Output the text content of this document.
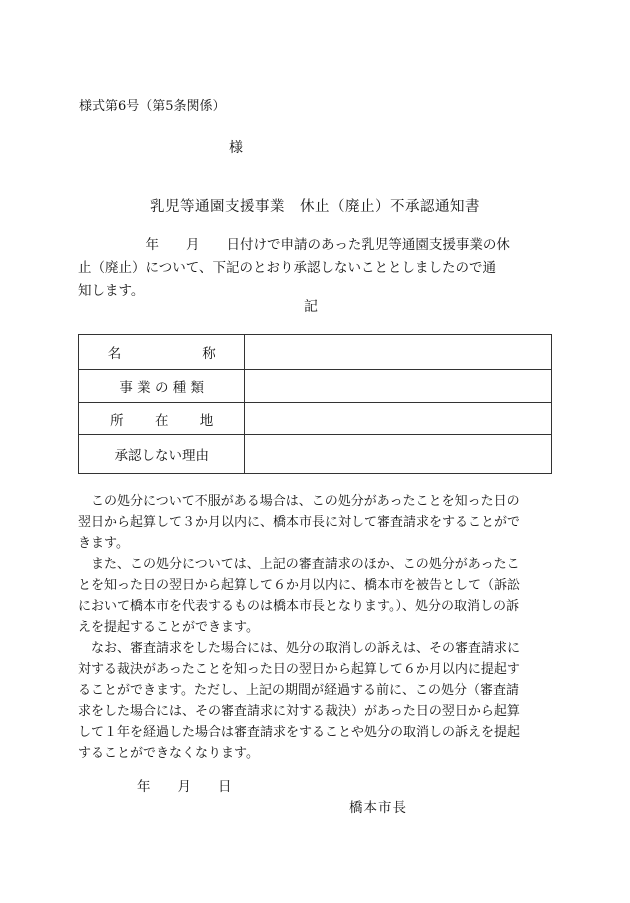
様式第6号（第5条関係）
様
乳児等通園支援事業　休止（廃止）不承認通知書
　　　　　年　　月　　日付けで申請のあった乳児等通園支援事業の休
止（廃止）について、下記のとおり承認しないこととしましたので通
知します。
記
名　　　　　　称	
事 業 の 種 類	
所　　 在　　 地	
承認しない理由	
　この処分について不服がある場合は、この処分があったことを知った日の
翌日から起算して３か月以内に、橋本市長に対して審査請求をすることがで
きます。
　また、この処分については、上記の審査請求のほか、この処分があったこ
とを知った日の翌日から起算して６か月以内に、橋本市を被告として（訴訟
において橋本市を代表するものは橋本市長となります。）、処分の取消しの訴
えを提起することができます。
　なお、審査請求をした場合には、処分の取消しの訴えは、その審査請求に
対する裁決があったことを知った日の翌日から起算して６か月以内に提起す
ることができます。ただし、上記の期間が経過する前に、この処分（審査請
求をした場合には、その審査請求に対する裁決）があった日の翌日から起算
して１年を経過した場合は審査請求をすることや処分の取消しの訴えを提起
することができなくなります。
年　　月　　日
橋本市長
